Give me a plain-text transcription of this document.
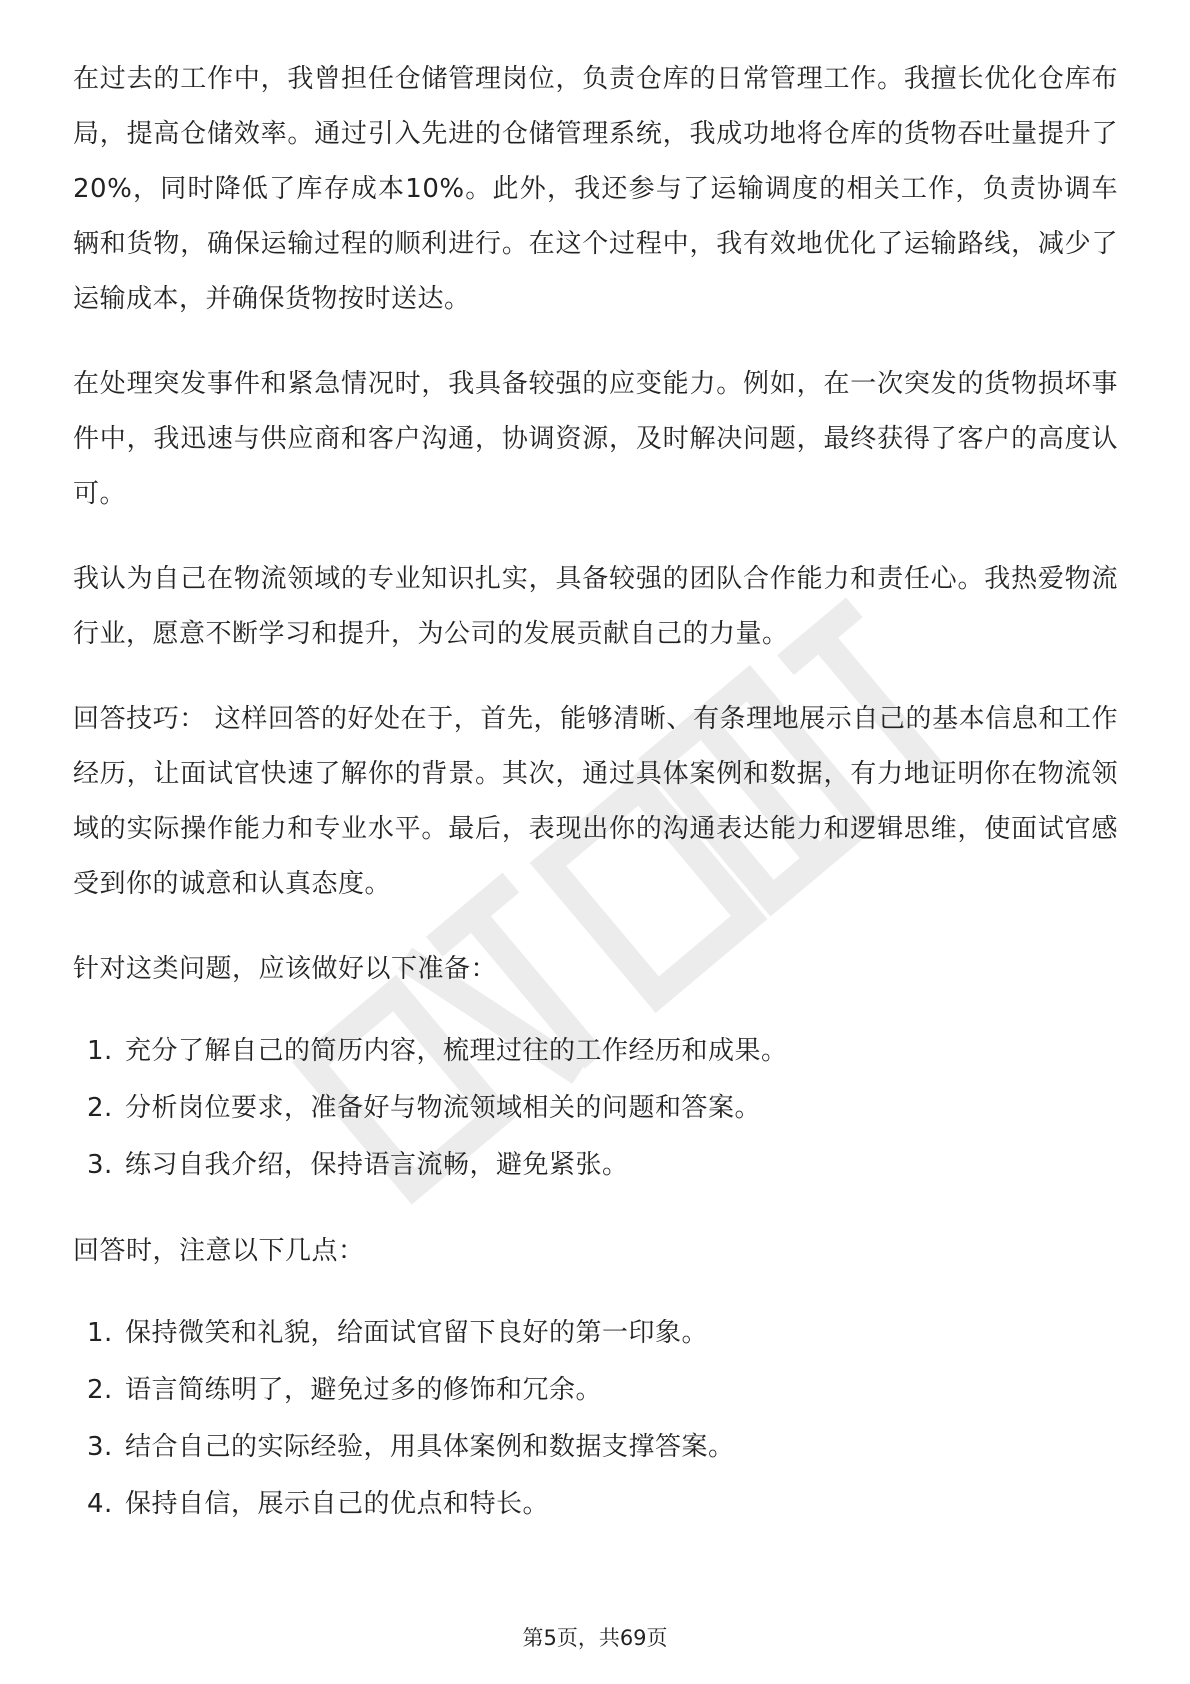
在过去的工作中，我曾担任仓储管理岗位，负责仓库的日常管理工作。我擅长优化仓库布局，提高仓储效率。通过引入先进的仓储管理系统，我成功地将仓库的货物吞吐量提升了20%，同时降低了库存成本10%。此外，我还参与了运输调度的相关工作，负责协调车辆和货物，确保运输过程的顺利进行。在这个过程中，我有效地优化了运输路线，减少了运输成本，并确保货物按时送达。

在处理突发事件和紧急情况时，我具备较强的应变能力。例如，在一次突发的货物损坏事件中，我迅速与供应商和客户沟通，协调资源，及时解决问题，最终获得了客户的高度认可。

我认为自己在物流领域的专业知识扎实，具备较强的团队合作能力和责任心。我热爱物流行业，愿意不断学习和提升，为公司的发展贡献自己的力量。

回答技巧： 这样回答的好处在于，首先，能够清晰、有条理地展示自己的基本信息和工作经历，让面试官快速了解你的背景。其次，通过具体案例和数据，有力地证明你在物流领域的实际操作能力和专业水平。最后，表现出你的沟通表达能力和逻辑思维，使面试官感受到你的诚意和认真态度。

针对这类问题，应该做好以下准备：

1. 充分了解自己的简历内容，梳理过往的工作经历和成果。
2. 分析岗位要求，准备好与物流领域相关的问题和答案。
3. 练习自我介绍，保持语言流畅，避免紧张。

回答时，注意以下几点：

1. 保持微笑和礼貌，给面试官留下良好的第一印象。
2. 语言简练明了，避免过多的修饰和冗余。
3. 结合自己的实际经验，用具体案例和数据支撑答案。
4. 保持自信，展示自己的优点和特长。
第5页，共69页
